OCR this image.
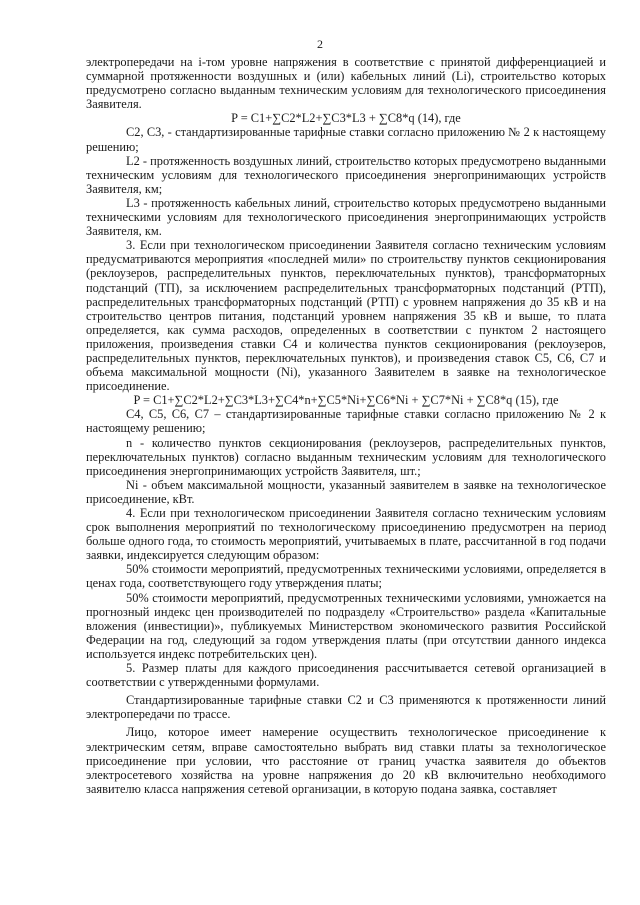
2

электропередачи на i-том уровне напряжения в соответствие с принятой дифференциацией и суммарной протяженности воздушных и (или) кабельных линий (Li), строительство которых предусмотрено согласно выданным техническим условиям для технологического присоединения Заявителя.

P = C1+∑C2*L2+∑C3*L3 + ∑C8*q (14), где

C2, C3, - стандартизированные тарифные ставки согласно приложению № 2 к настоящему решению;

L2 - протяженность воздушных линий, строительство которых предусмотрено выданными техническим условиям для технологического присоединения энергопринимающих устройств Заявителя, км;

L3 - протяженность кабельных линий, строительство которых предусмотрено выданными техническими условиям для технологического присоединения энергопринимающих устройств Заявителя, км.

3. Если при технологическом присоединении Заявителя согласно техническим условиям предусматриваются мероприятия «последней мили» по строительству пунктов секционирования (реклоузеров, распределительных пунктов, переключательных пунктов), трансформаторных подстанций (ТП), за исключением распределительных трансформаторных подстанций (РТП), распределительных трансформаторных подстанций (РТП) с уровнем напряжения до 35 кВ и на строительство центров питания, подстанций уровнем напряжения 35 кВ и выше, то плата определяется, как сумма расходов, определенных в соответствии с пунктом 2 настоящего приложения, произведения ставки C4 и количества пунктов секционирования (реклоузеров, распределительных пунктов, переключательных пунктов), и произведения ставок C5, C6, C7 и объема максимальной мощности (Ni), указанного Заявителем в заявке на технологическое присоединение.

P = C1+∑C2*L2+∑C3*L3+∑C4*n+∑C5*Ni+∑C6*Ni + ∑C7*Ni + ∑C8*q (15), где

C4, C5, C6, C7 – стандартизированные тарифные ставки согласно приложению № 2 к настоящему решению;

n - количество пунктов секционирования (реклоузеров, распределительных пунктов, переключательных пунктов) согласно выданным техническим условиям для технологического присоединения энергопринимающих устройств Заявителя, шт.;

Ni - объем максимальной мощности, указанный заявителем в заявке на технологическое присоединение, кВт.

4. Если при технологическом присоединении Заявителя согласно техническим условиям срок выполнения мероприятий по технологическому присоединению предусмотрен на период больше одного года, то стоимость мероприятий, учитываемых в плате, рассчитанной в год подачи заявки, индексируется следующим образом:

50% стоимости мероприятий, предусмотренных техническими условиями, определяется в ценах года, соответствующего году утверждения платы;

50% стоимости мероприятий, предусмотренных техническими условиями, умножается на прогнозный индекс цен производителей по подразделу «Строительство» раздела «Капитальные вложения (инвестиции)», публикуемых Министерством экономического развития Российской Федерации на год, следующий за годом утверждения платы (при отсутствии данного индекса используется индекс потребительских цен).

5. Размер платы для каждого присоединения рассчитывается сетевой организацией в соответствии с утвержденными формулами.

Стандартизированные тарифные ставки C2 и C3 применяются к протяженности линий электропередачи по трассе.

Лицо, которое имеет намерение осуществить технологическое присоединение к электрическим сетям, вправе самостоятельно выбрать вид ставки платы за технологическое присоединение при условии, что расстояние от границ участка заявителя до объектов электросетевого хозяйства на уровне напряжения до 20 кВ включительно необходимого заявителю класса напряжения сетевой организации, в которую подана заявка, составляет
